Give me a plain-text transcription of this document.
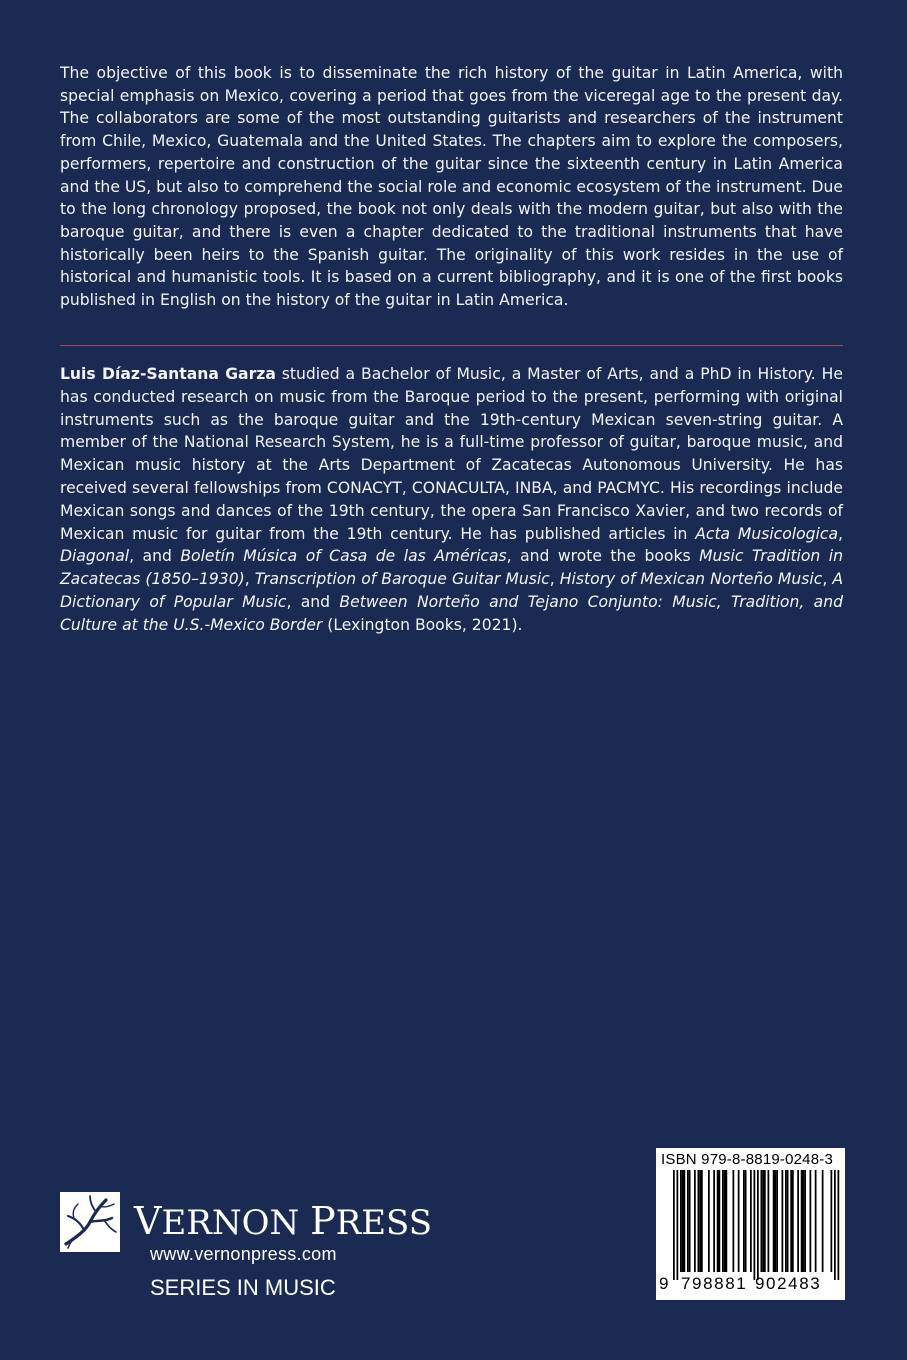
The objective of this book is to disseminate the rich history of the guitar in Latin America, with special emphasis on Mexico, covering a period that goes from the viceregal age to the present day. The collaborators are some of the most outstanding guitarists and researchers of the instrument from Chile, Mexico, Guatemala and the United States. The chapters aim to explore the composers, performers, repertoire and construction of the guitar since the sixteenth century in Latin America and the US, but also to comprehend the social role and economic ecosystem of the instrument. Due to the long chronology proposed, the book not only deals with the modern guitar, but also with the baroque guitar, and there is even a chapter dedicated to the traditional instruments that have historically been heirs to the Spanish guitar. The originality of this work resides in the use of historical and humanistic tools. It is based on a current bibliography, and it is one of the first books published in English on the history of the guitar in Latin America.

Luis Díaz-Santana Garza studied a Bachelor of Music, a Master of Arts, and a PhD in History. He has conducted research on music from the Baroque period to the present, performing with original instruments such as the baroque guitar and the 19th-century Mexican seven-string guitar. A member of the National Research System, he is a full-time professor of guitar, baroque music, and Mexican music history at the Arts Department of Zacatecas Autonomous University. He has received several fellowships from CONACYT, CONACULTA, INBA, and PACMYC. His recordings include Mexican songs and dances of the 19th century, the opera San Francisco Xavier, and two records of Mexican music for guitar from the 19th century. He has published articles in Acta Musicologica, Diagonal, and Boletín Música of Casa de las Américas, and wrote the books Music Tradition in Zacatecas (1850–1930), Transcription of Baroque Guitar Music, History of Mexican Norteño Music, A Dictionary of Popular Music, and Between Norteño and Tejano Conjunto: Music, Tradition, and Culture at the U.S.-Mexico Border (Lexington Books, 2021).

VERNON PRESS
www.vernonpress.com
SERIES IN MUSIC
ISBN 979-8-8819-0248-3
9 798881 902483
